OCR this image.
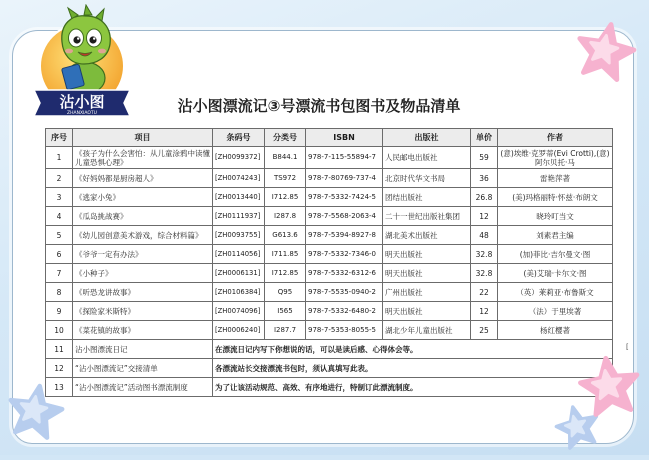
沾小图
ZHANXIAOTU	沾小图漂流记③号漂流书包图书及物品清单
序号	项目	条码号	分类号	ISBN	出版社	单价	作者
1	《孩子为什么会害怕：从儿童涂鸦中读懂儿童恐惧心理》	[ZH0099372]	B844.1	978-7-115-55894-7	人民邮电出版社	59	(意)埃维·克罗蒂(Evi Crotti),(意)阿尔贝托·马

2	《好妈妈都是厨房超人》	[ZH0074243]	TS972	978-7-80769-737-4	北京时代华文书局	36	雷艳萍著

3	《逃家小兔》	[ZH0013440]	I712.85	978-7-5332-7424-5	团结出版社	26.8	(美)玛格丽特·怀兹·布朗文

4	《瓜岛挑战赛》	[ZH0111937]	I287.8	978-7-5568-2063-4	二十一世纪出版社集团	12	晓玲叮当文

5	《幼儿园创意美术游戏，综合材料篇》	[ZH0093755]	G613.6	978-7-5394-8927-8	湖北美术出版社	48	刘素君主编

6	《爷爷一定有办法》	[ZH0114056]	I711.85	978-7-5332-7346-0	明天出版社	32.8	(加)菲比·吉尔曼文·图

7	《小种子》	[ZH0006131]	I712.85	978-7-5332-6312-6	明天出版社	32.8	(美)艾瑞·卡尔文·图

8	《听恐龙讲故事》	[ZH0106384]	Q95	978-7-5535-0940-2	广州出版社	22	（英）莱莉亚·布鲁斯文

9	《探险家米斯特》	[ZH0074096]	I565	978-7-5332-6480-2	明天出版社	12	（法）于里埃著

10	《菜花镇的故事》	[ZH0006240]	I287.7	978-7-5353-8055-5	湖北少年儿童出版社	25	杨红樱著

11	沾小图漂流日记	在漂流日记内写下你想说的话，可以是读后感、心得体会等。					
12	“沾小图漂流记”交接清单	各漂流站长交接漂流书包时，须认真填写此表。					
13	“沾小图漂流记”活动图书漂流制度	为了让该活动规范、高效、有序地进行，特制订此漂流制度。					
[
